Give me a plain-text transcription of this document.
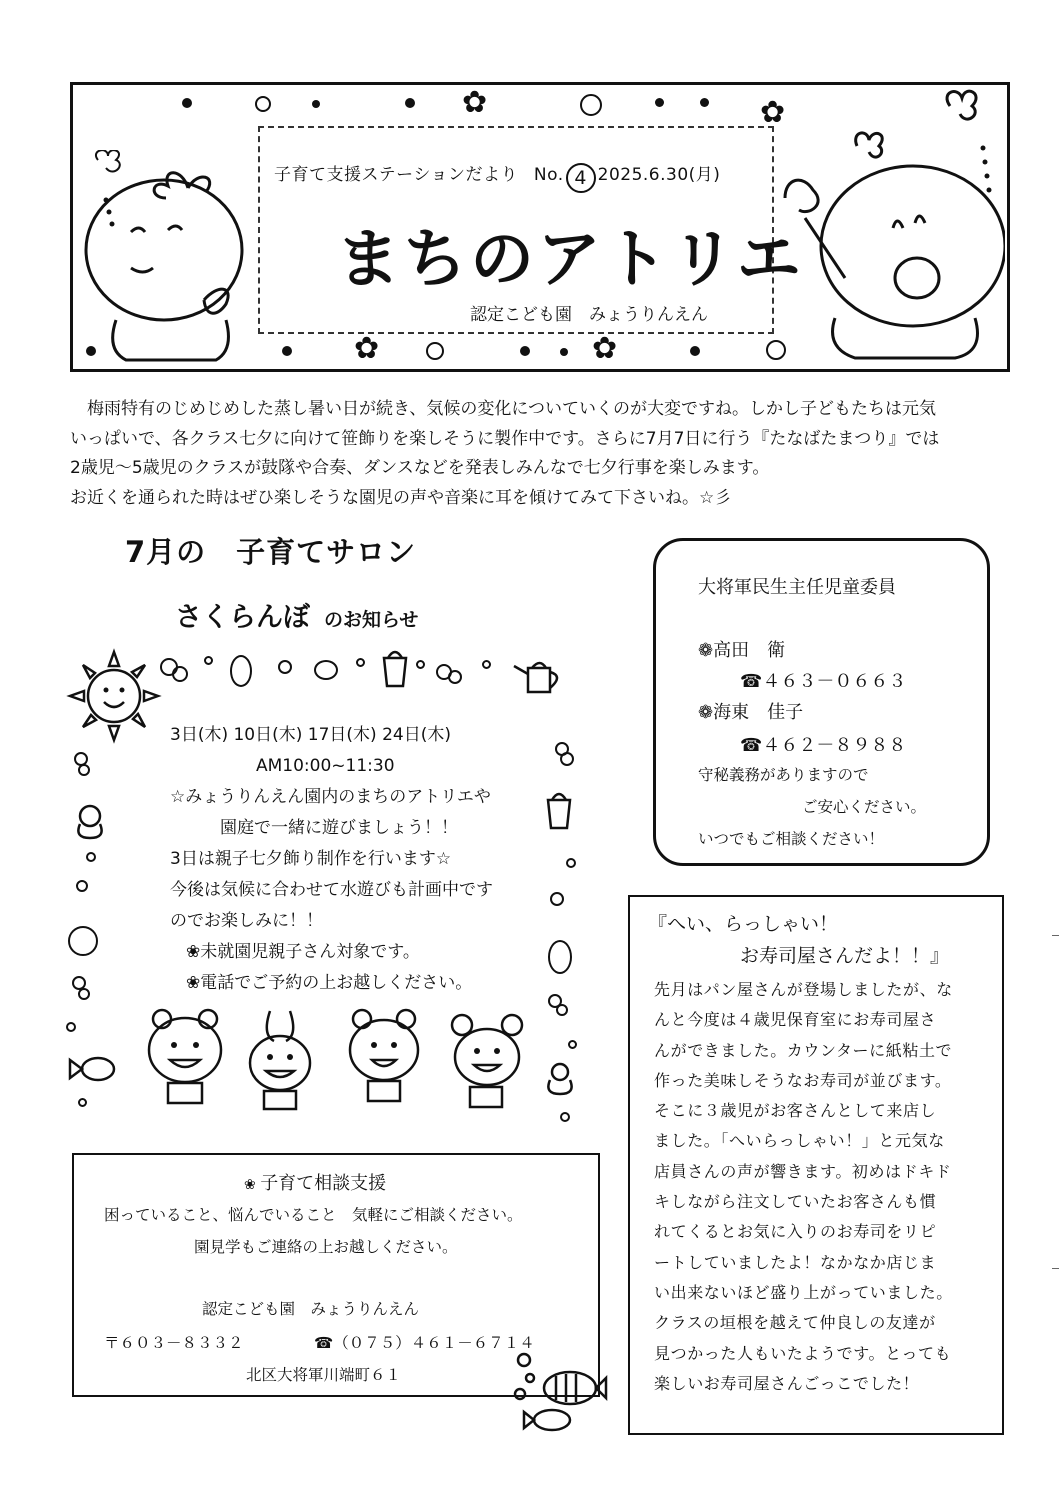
✿	✿
✿	✿
子育て支援ステーションだより No. 4 2025.6.30(月)
まちのアトリエ
認定こども園　みょうりんえん

梅雨特有のじめじめした蒸し暑い日が続き、気候の変化についていくのが大変ですね。しかし子どもたちは元気

いっぱいで、各クラス七夕に向けて笹飾りを楽しそうに製作中です。さらに7月7日に行う『たなばたまつり』では

2歳児～5歳児のクラスが鼓隊や合奏、ダンスなどを発表しみんなで七夕行事を楽しみます。

お近くを通られた時はぜひ楽しそうな園児の声や音楽に耳を傾けてみて下さいね。☆彡

7月の　子育てサロン
さくらんぼ のお知らせ

3日(木) 10日(木) 17日(木) 24日(木)

AM10:00~11:30

☆みょうりんえん園内のまちのアトリエや

園庭で一緒に遊びましょう！！

3日は親子七夕飾り制作を行います☆

今後は気候に合わせて水遊びも計画中です

のでお楽しみに！！

❀未就園児親子さん対象です。

❀電話でご予約の上お越しください。

大将軍民生主任児童委員
❁高田　衛
☎４６３－０６６３
❁海東　佳子
☎４６２－８９８８
守秘義務がありますので
ご安心ください。
いつでもご相談ください！
『へい、らっしゃい！
お寿司屋さんだよ！！』

先月はパン屋さんが登場しましたが、な

んと今度は４歳児保育室にお寿司屋さ

んができました。カウンターに紙粘土で

作った美味しそうなお寿司が並びます。

そこに３歳児がお客さんとして来店し

ました。「へいらっしゃい！」と元気な

店員さんの声が響きます。初めはドキド

キしながら注文していたお客さんも慣

れてくるとお気に入りのお寿司をリピ

ートしていましたよ！なかなか店じま

い出来ないほど盛り上がっていました。

クラスの垣根を越えて仲良しの友達が

見つかった人もいたようです。とっても

楽しいお寿司屋さんごっこでした！

❀ 子育て相談支援
困っていること、悩んでいること　気軽にご相談ください。
園見学もご連絡の上お越しください。
認定こども園　みょうりんえん
〒６０３－８３３２	☎（０７５）４６１－６７１４
北区大将軍川端町６１
